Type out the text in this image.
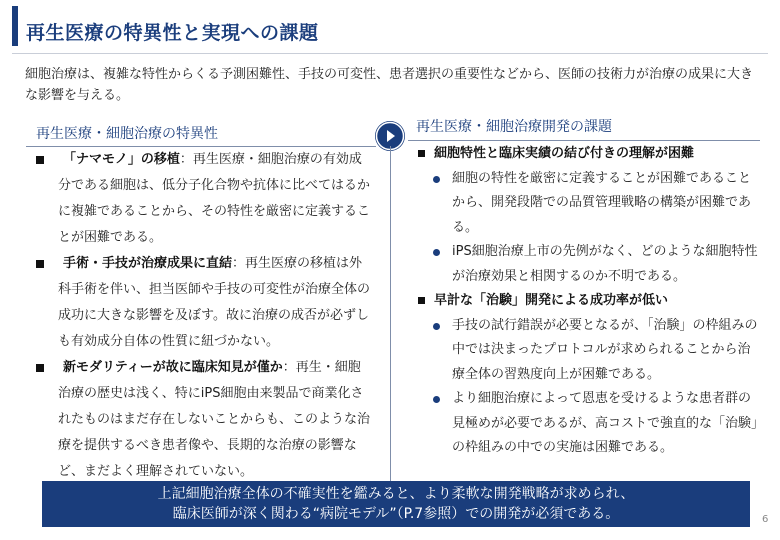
再生医療の特異性と実現への課題
細胞治療は、複雑な特性からくる予測困難性、手技の可変性、患者選択の重要性などから、医師の技術力が治療の成果に大きな影響を与える。
再生医療・細胞治療の特異性	再生医療・細胞治療開発の課題
「ナマモノ」の移植：再生医療・細胞治療の有効成分である細胞は、低分子化合物や抗体に比べてはるかに複雑であることから、その特性を厳密に定義することが困難である。
手術・手技が治療成果に直結：再生医療の移植は外科手術を伴い、担当医師や手技の可変性が治療全体の成功に大きな影響を及ぼす。故に治療の成否が必ずしも有効成分自体の性質に紐づかない。
新モダリティーが故に臨床知見が僅か：再生・細胞治療の歴史は浅く、特にiPS細胞由来製品で商業化されたものはまだ存在しないことからも、このような治療を提供するべき患者像や、長期的な治療の影響など、まだよく理解されていない。
細胞特性と臨床実績の結び付きの理解が困難
細胞の特性を厳密に定義することが困難であることから、開発段階での品質管理戦略の構築が困難である。
iPS細胞治療上市の先例がなく、どのような細胞特性が治療効果と相関するのか不明である。
早計な「治験」開発による成功率が低い
手技の試行錯誤が必要となるが、「治験」の枠組みの中では決まったプロトコルが求められることから治療全体の習熟度向上が困難である。
より細胞治療によって恩恵を受けるような患者群の見極めが必要であるが、高コストで強直的な「治験」の枠組みの中での実施は困難である。
上記細胞治療全体の不確実性を鑑みると、より柔軟な開発戦略が求められ、
臨床医師が深く関わる“病院モデル”（P.7参照）での開発が必須である。	6
